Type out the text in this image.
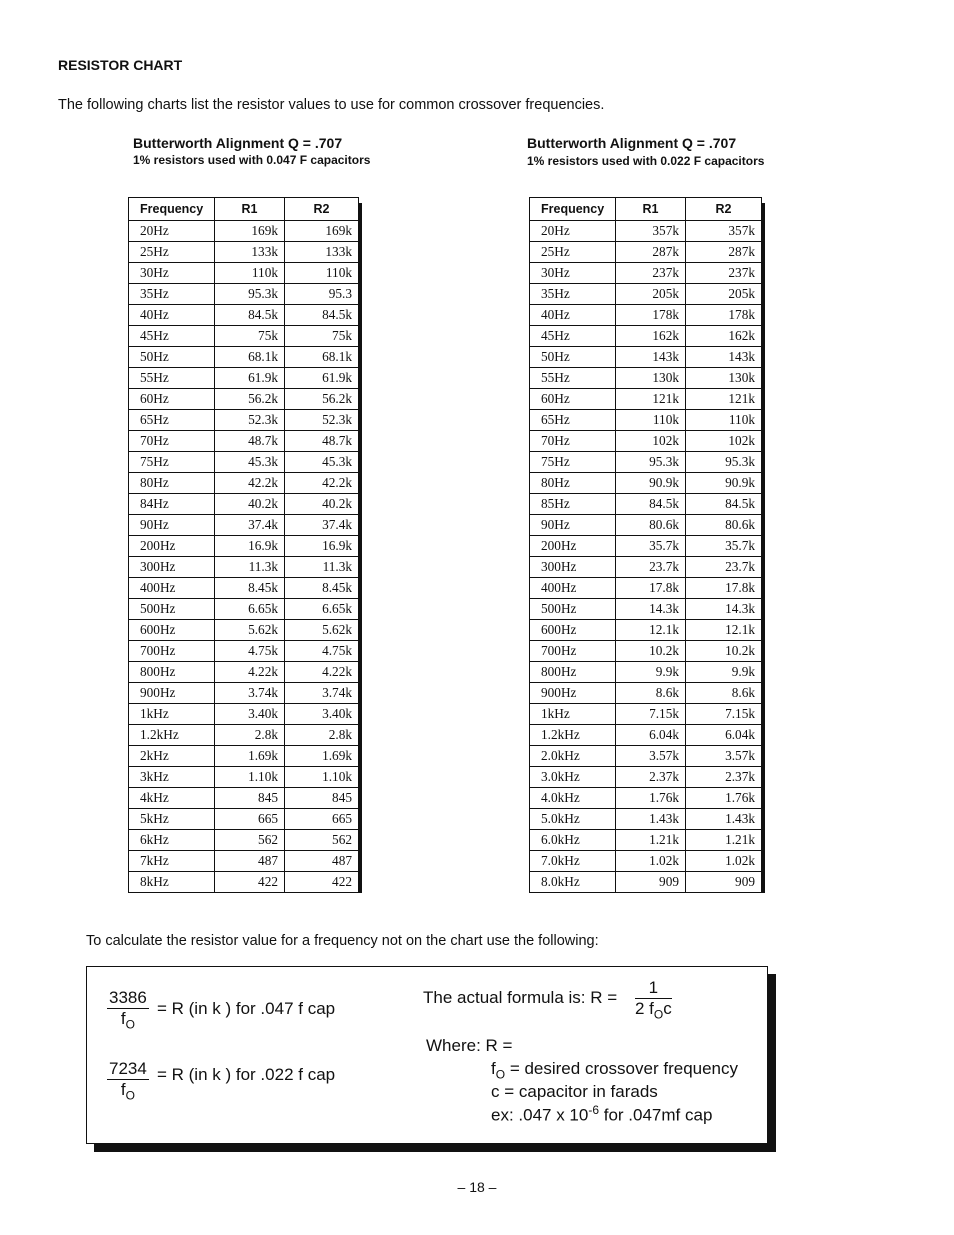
RESISTOR CHART
The following charts list the resistor values to use for common crossover frequencies.
Butterworth Alignment Q = .707
1% resistors used with 0.047 F capacitors
Frequency	R1	R2
20Hz	169k	169k
25Hz	133k	133k
30Hz	110k	110k
35Hz	95.3k	95.3
40Hz	84.5k	84.5k
45Hz	75k	75k
50Hz	68.1k	68.1k
55Hz	61.9k	61.9k
60Hz	56.2k	56.2k
65Hz	52.3k	52.3k
70Hz	48.7k	48.7k
75Hz	45.3k	45.3k
80Hz	42.2k	42.2k
84Hz	40.2k	40.2k
90Hz	37.4k	37.4k
200Hz	16.9k	16.9k
300Hz	11.3k	11.3k
400Hz	8.45k	8.45k
500Hz	6.65k	6.65k
600Hz	5.62k	5.62k
700Hz	4.75k	4.75k
800Hz	4.22k	4.22k
900Hz	3.74k	3.74k
1kHz	3.40k	3.40k
1.2kHz	2.8k	2.8k
2kHz	1.69k	1.69k
3kHz	1.10k	1.10k
4kHz	845	845
5kHz	665	665
6kHz	562	562
7kHz	487	487
8kHz	422	422
Butterworth Alignment Q = .707
1% resistors used with 0.022 F capacitors
Frequency	R1	R2
20Hz	357k	357k
25Hz	287k	287k
30Hz	237k	237k
35Hz	205k	205k
40Hz	178k	178k
45Hz	162k	162k
50Hz	143k	143k
55Hz	130k	130k
60Hz	121k	121k
65Hz	110k	110k
70Hz	102k	102k
75Hz	95.3k	95.3k
80Hz	90.9k	90.9k
85Hz	84.5k	84.5k
90Hz	80.6k	80.6k
200Hz	35.7k	35.7k
300Hz	23.7k	23.7k
400Hz	17.8k	17.8k
500Hz	14.3k	14.3k
600Hz	12.1k	12.1k
700Hz	10.2k	10.2k
800Hz	9.9k	9.9k
900Hz	8.6k	8.6k
1kHz	7.15k	7.15k
1.2kHz	6.04k	6.04k
2.0kHz	3.57k	3.57k
3.0kHz	2.37k	2.37k
4.0kHz	1.76k	1.76k
5.0kHz	1.43k	1.43k
6.0kHz	1.21k	1.21k
7.0kHz	1.02k	1.02k
8.0kHz	909	909
To calculate the resistor value for a frequency not on the chart use the following:
$\frac{3386}{f_O} = R$ (in k ) for .047 f cap
$\frac{7234}{f_O} = R$ (in k ) for .022 f cap
The actual formula is: R =
1
2 $f_Oc$
Where: R =
$f_O$ = desired crossover frequency
c = capacitor in farads
ex: .047 x $10^{-6}$ for .047mf cap
– 18 –
